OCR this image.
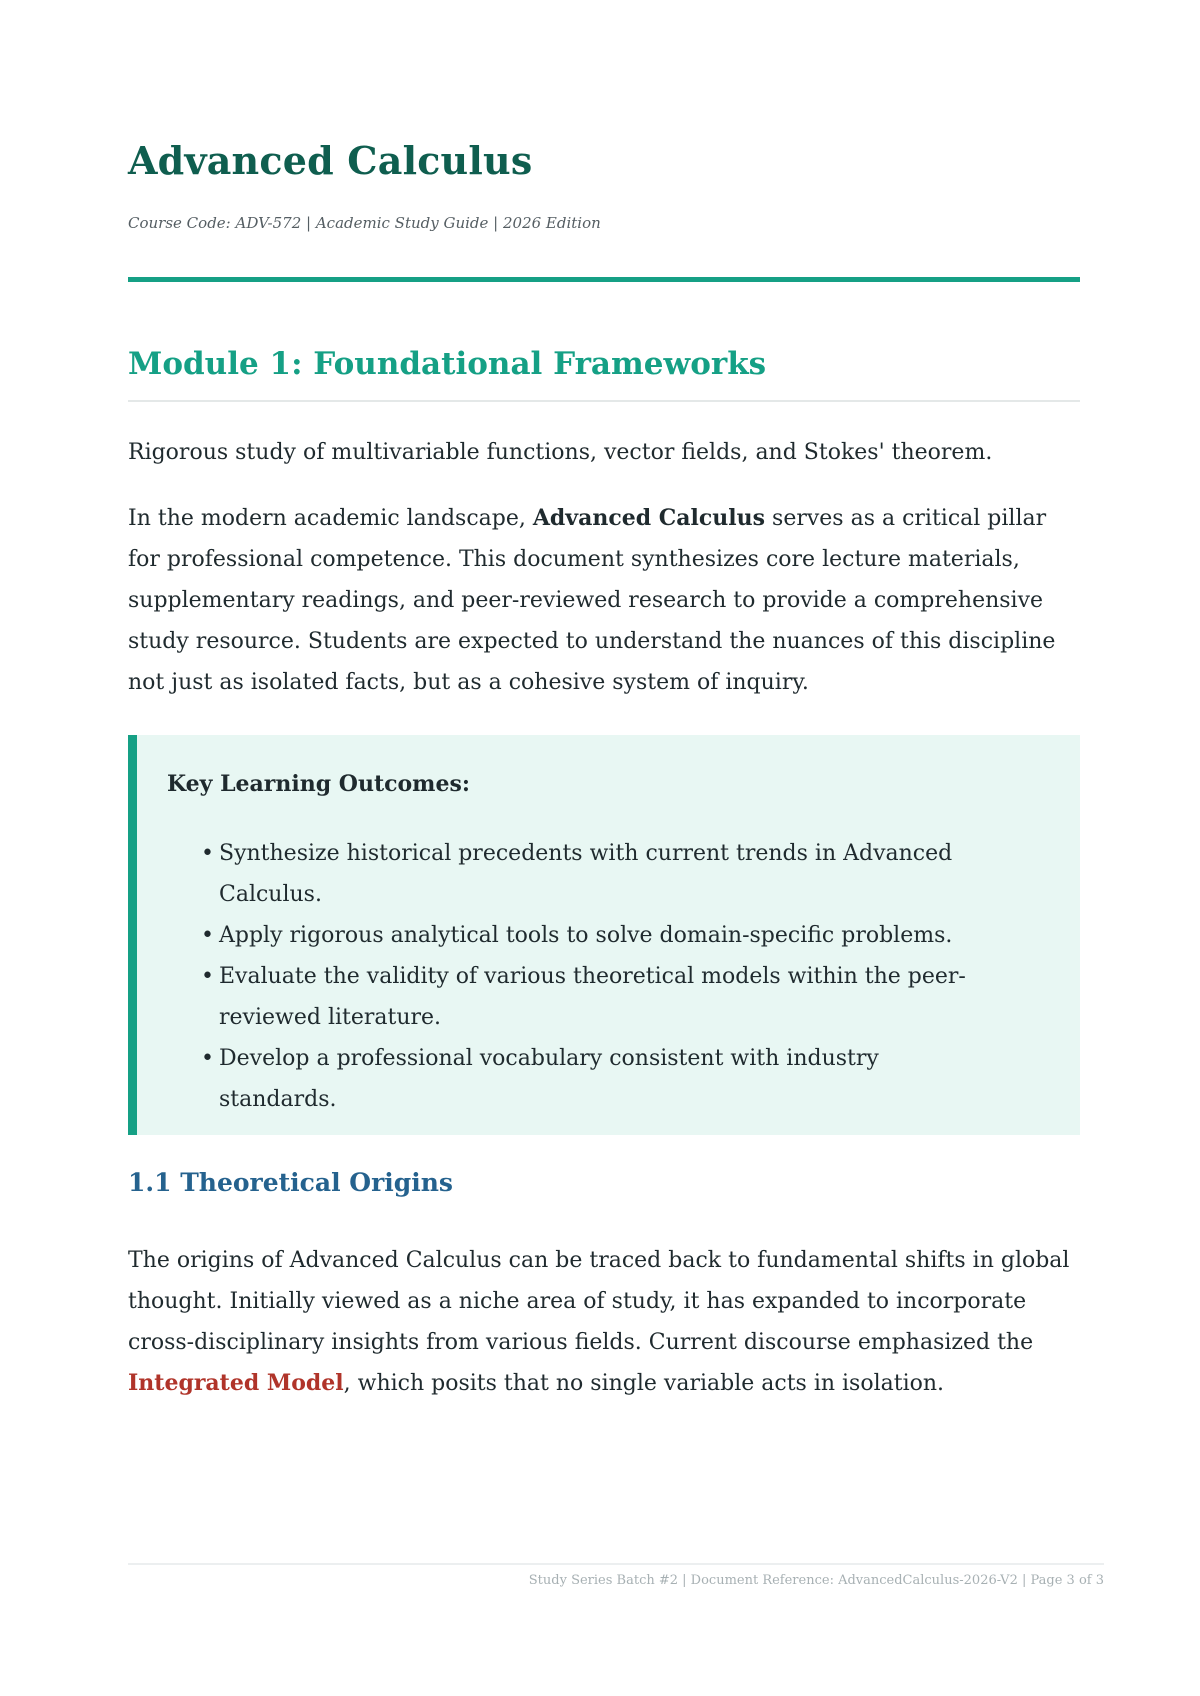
Advanced Calculus
Course Code: ADV-572 | Academic Study Guide | 2026 Edition
Module 1: Foundational Frameworks

Rigorous study of multivariable functions, vector fields, and Stokes' theorem.

In the modern academic landscape, Advanced Calculus serves as a critical pillar for professional competence. This document synthesizes core lecture materials, supplementary readings, and peer-reviewed research to provide a comprehensive study resource. Students are expected to understand the nuances of this discipline not just as isolated facts, but as a cohesive system of inquiry.

Key Learning Outcomes:
• Synthesize historical precedents with current trends in Advanced Calculus.
• Apply rigorous analytical tools to solve domain-specific problems.
• Evaluate the validity of various theoretical models within the peer-reviewed literature.
• Develop a professional vocabulary consistent with industry standards.
1.1 Theoretical Origins

The origins of Advanced Calculus can be traced back to fundamental shifts in global thought. Initially viewed as a niche area of study, it has expanded to incorporate cross-disciplinary insights from various fields. Current discourse emphasized the Integrated Model, which posits that no single variable acts in isolation.

Study Series Batch #2 | Document Reference: AdvancedCalculus-2026-V2 | Page 3 of 3
